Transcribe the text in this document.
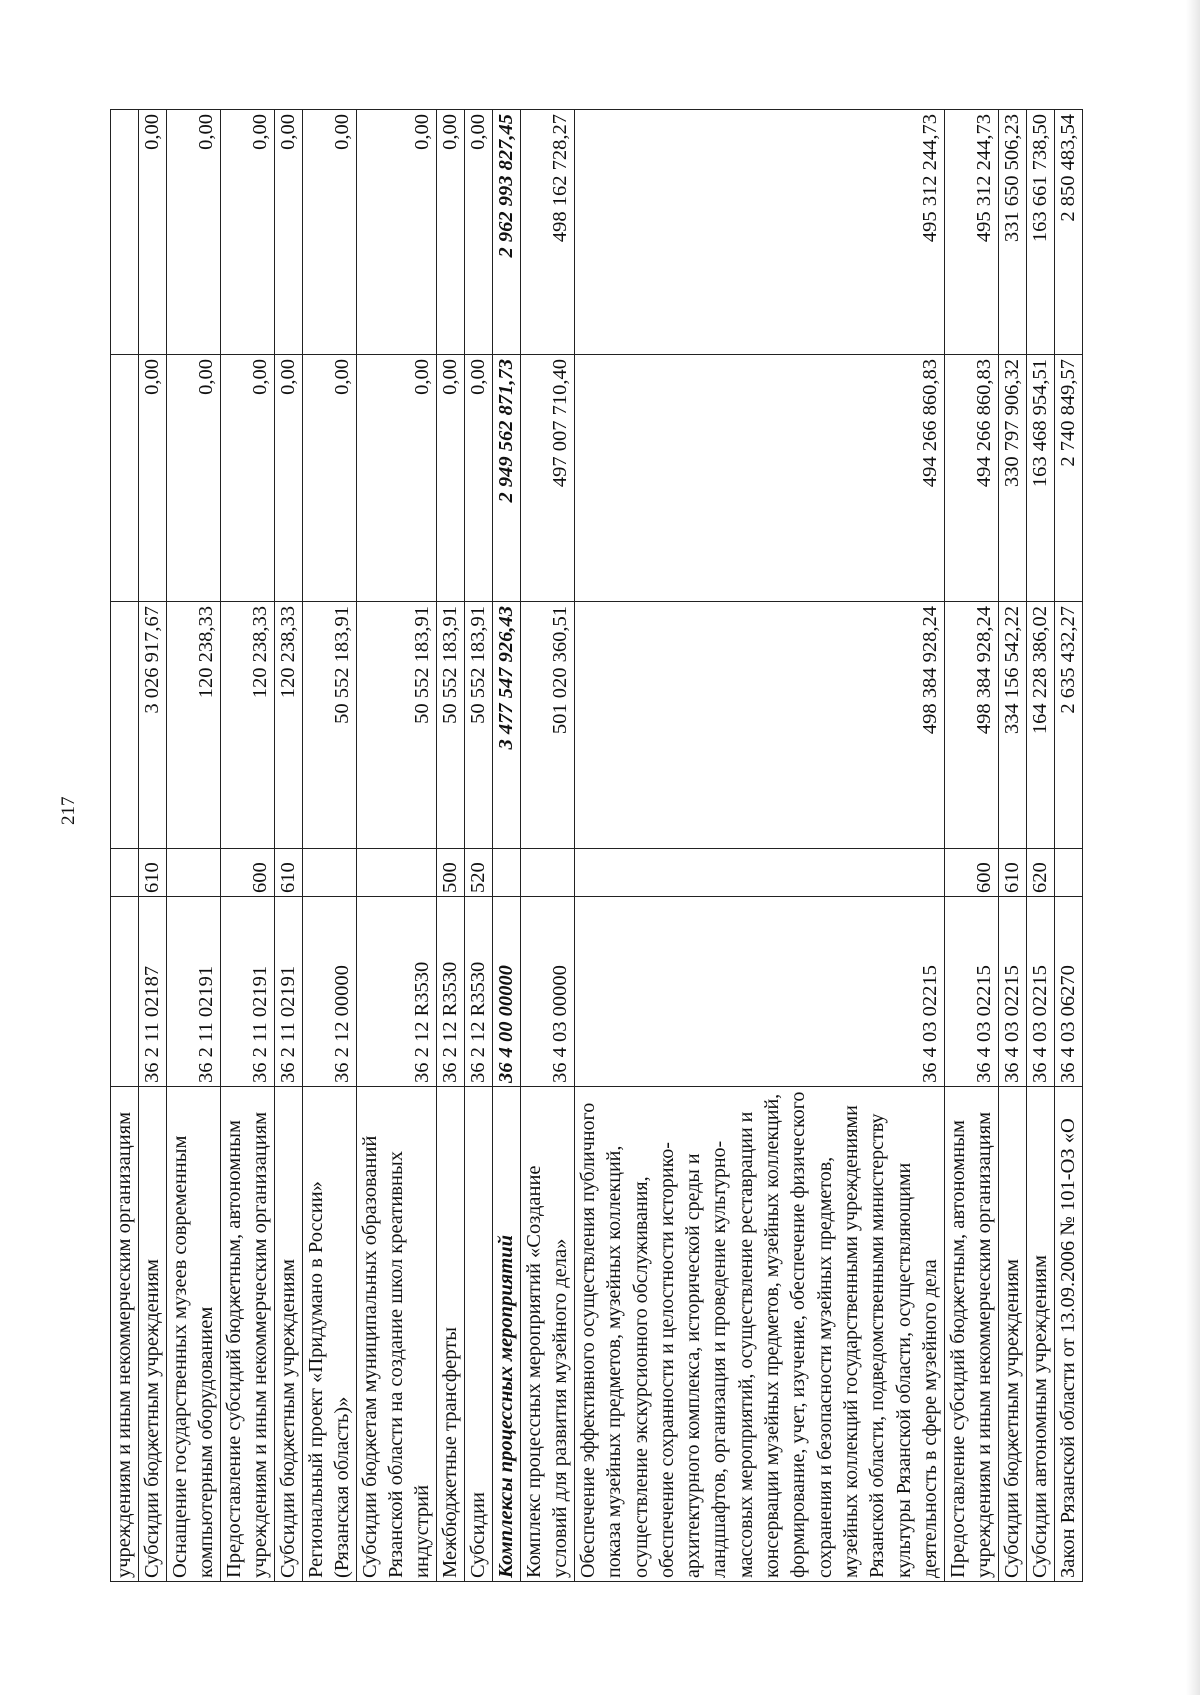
217
учреждениям и иным некоммерческим организациям					
Субсидии бюджетным учреждениям	36 2 11 02187	610	3 026 917,67	0,00	0,00
Оснащение государственных музеев современным компьютерным оборудованием	36 2 11 02191		120 238,33	0,00	0,00
Предоставление субсидий бюджетным, автономным учреждениям и иным некоммерческим организациям	36 2 11 02191	600	120 238,33	0,00	0,00
Субсидии бюджетным учреждениям	36 2 11 02191	610	120 238,33	0,00	0,00
Региональный проект «Придумано в России» (Рязанская область)»	36 2 12 00000		50 552 183,91	0,00	0,00
Субсидии бюджетам муниципальных образований Рязанской области на создание школ креативных индустрий	36 2 12 R3530		50 552 183,91	0,00	0,00
Межбюджетные трансферты	36 2 12 R3530	500	50 552 183,91	0,00	0,00
Субсидии	36 2 12 R3530	520	50 552 183,91	0,00	0,00
Комплексы процессных мероприятий	36 4 00 00000		3 477 547 926,43	2 949 562 871,73	2 962 993 827,45
Комплекс процессных мероприятий «Создание условий для развития музейного дела»	36 4 03 00000		501 020 360,51	497 007 710,40	498 162 728,27
Обеспечение эффективного осуществления публичного показа музейных предметов, музейных коллекций, осуществление экскурсионного обслуживания, обеспечение сохранности и целостности историко-архитектурного комплекса, исторической среды и ландшафтов, организация и проведение культурно-массовых мероприятий, осуществление реставрации и консервации музейных предметов, музейных коллекций, формирование, учет, изучение, обеспечение физического сохранения и безопасности музейных предметов, музейных коллекций государственными учреждениями Рязанской области, подведомственными министерству культуры Рязанской области, осуществляющими деятельность в сфере музейного дела	36 4 03 02215		498 384 928,24	494 266 860,83	495 312 244,73
Предоставление субсидий бюджетным, автономным учреждениям и иным некоммерческим организациям	36 4 03 02215	600	498 384 928,24	494 266 860,83	495 312 244,73
Субсидии бюджетным учреждениям	36 4 03 02215	610	334 156 542,22	330 797 906,32	331 650 506,23
Субсидии автономным учреждениям	36 4 03 02215	620	164 228 386,02	163 468 954,51	163 661 738,50
Закон Рязанской области от 13.09.2006 № 101-ОЗ «О	36 4 03 06270		2 635 432,27	2 740 849,57	2 850 483,54
